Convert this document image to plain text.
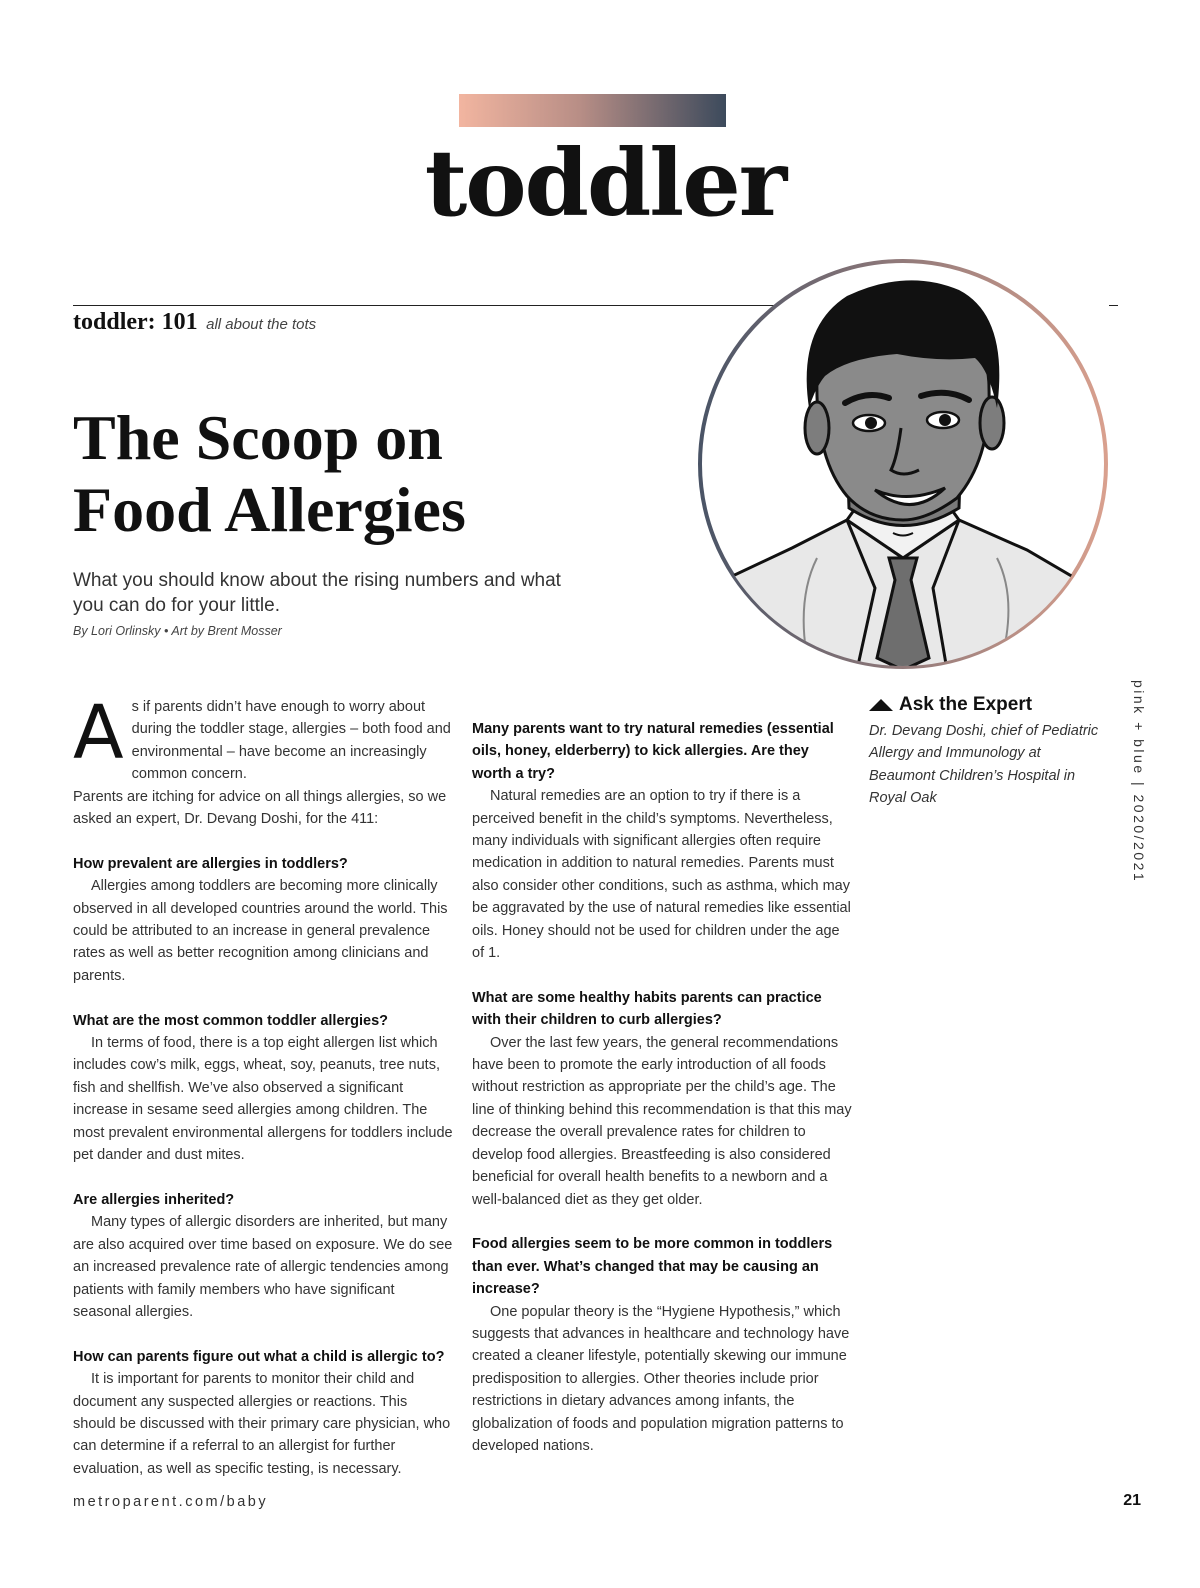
toddler
toddler: 101 all about the tots
The Scoop on
Food Allergies

What you should know about the rising numbers and what you can do for your little.

By Lori Orlinsky • Art by Brent Mosser

As if parents didn’t have enough to worry about during the toddler stage, allergies – both food and environmental – have become an increasingly common concern.

Parents are itching for advice on all things allergies, so we asked an expert, Dr. Devang Doshi, for the 411:

How prevalent are allergies in toddlers?

Allergies among toddlers are becoming more clinically observed in all developed countries around the world. This could be attributed to an increase in general prevalence rates as well as better recognition among clinicians and parents.

What are the most common toddler allergies?

In terms of food, there is a top eight allergen list which includes cow’s milk, eggs, wheat, soy, peanuts, tree nuts, fish and shellfish. We’ve also observed a significant increase in sesame seed allergies among children. The most prevalent environmental allergens for toddlers include pet dander and dust mites.

Are allergies inherited?

Many types of allergic disorders are inherited, but many are also acquired over time based on exposure. We do see an increased prevalence rate of allergic tendencies among patients with family members who have significant seasonal allergies.

How can parents figure out what a child is allergic to?

It is important for parents to monitor their child and document any suspected allergies or reactions. This should be discussed with their primary care physician, who can determine if a referral to an allergist for further evaluation, as well as specific testing, is necessary.

Many parents want to try natural remedies (essential oils, honey, elderberry) to kick allergies. Are they worth a try?

Natural remedies are an option to try if there is a perceived benefit in the child’s symptoms. Nevertheless, many individuals with significant allergies often require medication in addition to natural remedies. Parents must also consider other conditions, such as asthma, which may be aggravated by the use of natural remedies like essential oils. Honey should not be used for children under the age of 1.

What are some healthy habits parents can practice with their children to curb allergies?

Over the last few years, the general recommendations have been to promote the early introduction of all foods without restriction as appropriate per the child’s age. The line of thinking behind this recommendation is that this may decrease the overall prevalence rates for children to develop food allergies. Breastfeeding is also considered beneficial for overall health benefits to a newborn and a well-balanced diet as they get older.

Food allergies seem to be more common in toddlers than ever. What’s changed that may be causing an increase?

One popular theory is the “Hygiene Hypothesis,” which suggests that advances in healthcare and technology have created a cleaner lifestyle, potentially skewing our immune predisposition to allergies. Other theories include prior restrictions in dietary advances among infants, the globalization of foods and population migration patterns to developed nations.

Ask the Expert

Dr. Devang Doshi, chief of Pediatric Allergy and Immunology at Beaumont Children’s Hospital in Royal Oak	pink + blue | 2020/2021
metroparent.com/baby	21
